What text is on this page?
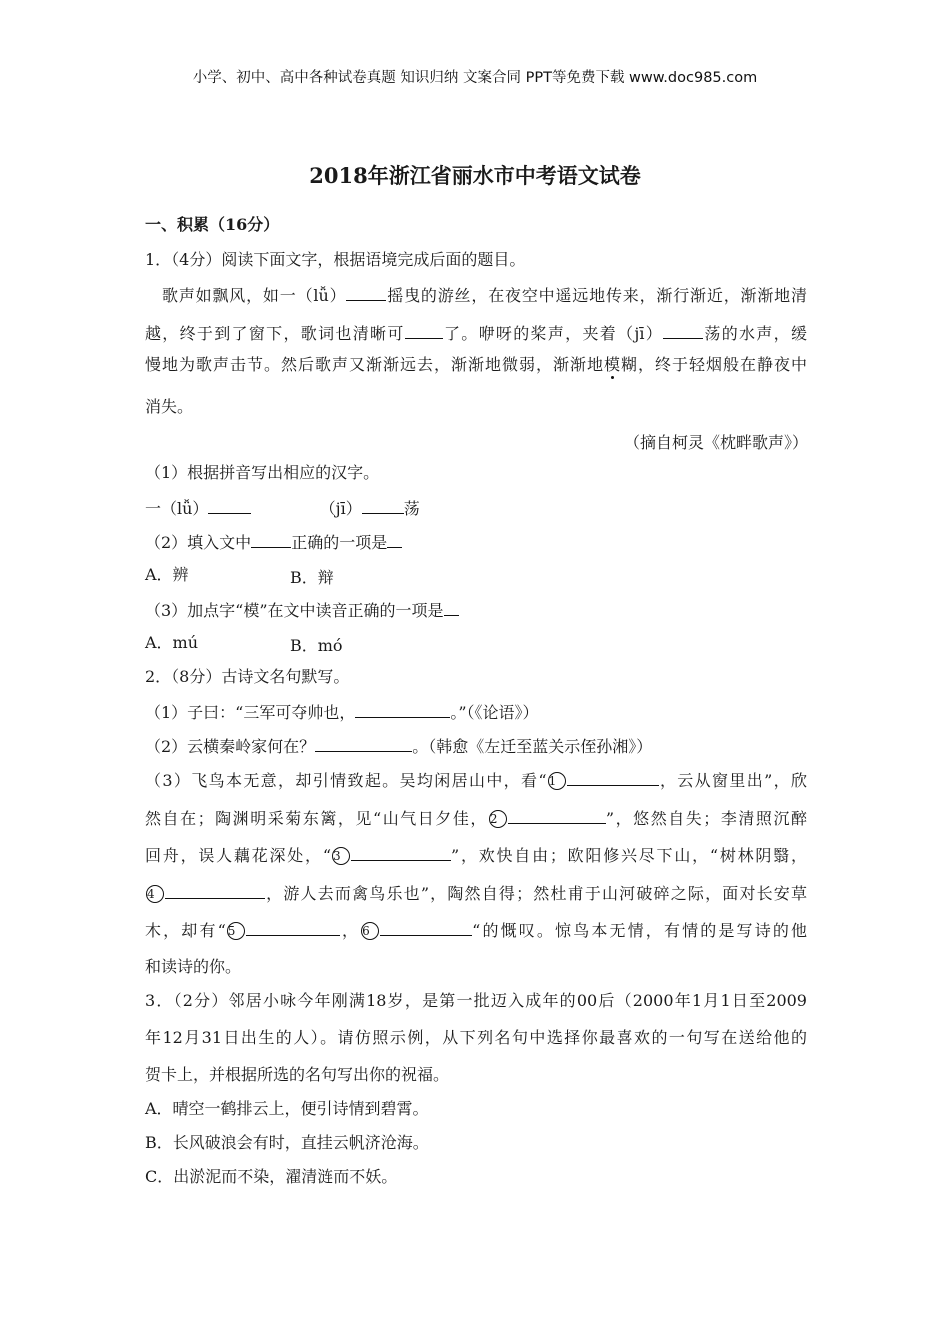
小学、初中、高中各种试卷真题 知识归纳 文案合同 PPT等免费下载 www.doc985.com
2018年浙江省丽水市中考语文试卷
一、积累（16分）
1．（4分）阅读下面文字，根据语境完成后面的题目。
歌声如飘风，如一（lǚ）	摇曳的游丝，在夜空中遥远地传来，渐行渐近，渐渐地清
越，终于到了窗下，歌词也清晰可 了。咿呀的桨声，夹着（jī）	荡的水声，缓
慢地为歌声击节。然后歌声又渐渐远去，渐渐地微弱，渐渐地模糊，终于轻烟般在静夜中
消失。
（摘自柯灵《枕畔歌声》）
（1）根据拼音写出相应的汉字。
一（lǚ）	（jī）	荡
（2）填入文中	正确的一项是
A．辨	B．辩
（3）加点字“模”在文中读音正确的一项是
A．mú	B．mó
2．（8分）古诗文名句默写。
（1）子曰：“三军可夺帅也，	。”（《论语》）
（2）云横秦岭家何在？	。（韩愈《左迁至蓝关示侄孙湘》）
（3）飞鸟本无意，却引情致起。吴均闲居山中，看“ 1	，云从窗里出”，欣
然自在；陶渊明采菊东篱，见“山气日夕佳， 2	”，悠然自失；李清照沉醉
回舟，误人藕花深处，“ 3	”，欢快自由；欧阳修兴尽下山，“树林阴翳，
4	，游人去而禽鸟乐也”，陶然自得；然杜甫于山河破碎之际，面对长安草
木，却有“ 5	， 6	“的慨叹。惊鸟本无情，有情的是写诗的他
和读诗的你。
3．（2分）邻居小咏今年刚满18岁，是第一批迈入成年的00后（2000年1月1日至2009
年12月31日出生的人）。请仿照示例，从下列名句中选择你最喜欢的一句写在送给他的
贺卡上，并根据所选的名句写出你的祝福。
A．晴空一鹤排云上，便引诗情到碧霄。
B．长风破浪会有时，直挂云帆济沧海。
C．出淤泥而不染，濯清涟而不妖。
